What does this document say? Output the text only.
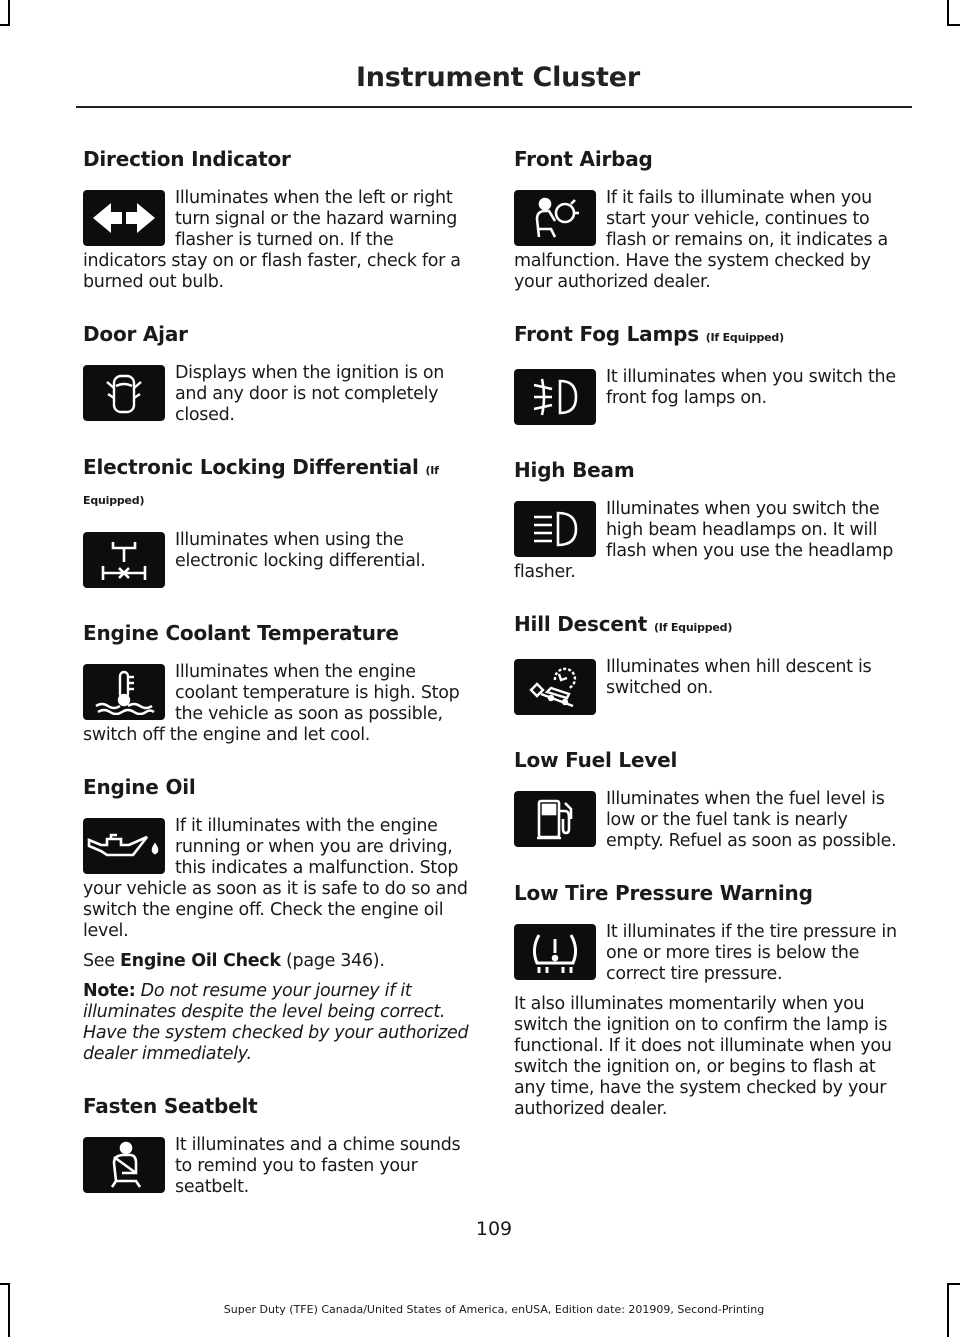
Instrument Cluster
Direction Indicator

Illuminates when the left or right turn signal or the hazard warning flasher is turned on. If the indicators stay on or flash faster, check for a burned out bulb.

Door Ajar

Displays when the ignition is on and any door is not completely closed.

Electronic Locking Differential (If Equipped)

Illuminates when using the electronic locking differential.

Engine Coolant Temperature

Illuminates when the engine coolant temperature is high. Stop the vehicle as soon as possible, switch off the engine and let cool.

Engine Oil

If it illuminates with the engine running or when you are driving, this indicates a malfunction. Stop your vehicle as soon as it is safe to do so and switch the engine off. Check the engine oil level.

See Engine Oil Check (page 346).

Note: Do not resume your journey if it illuminates despite the level being correct. Have the system checked by your authorized dealer immediately.

Fasten Seatbelt

It illuminates and a chime sounds to remind you to fasten your seatbelt.

Front Airbag

If it fails to illuminate when you start your vehicle, continues to flash or remains on, it indicates a malfunction. Have the system checked by your authorized dealer.

Front Fog Lamps (If Equipped)

It illuminates when you switch the front fog lamps on.

High Beam

Illuminates when you switch the high beam headlamps on. It will flash when you use the headlamp flasher.

Hill Descent (If Equipped)

Illuminates when hill descent is switched on.

Low Fuel Level

Illuminates when the fuel level is low or the fuel tank is nearly empty. Refuel as soon as possible.

Low Tire Pressure Warning

It illuminates if the tire pressure in one or more tires is below the correct tire pressure.

It also illuminates momentarily when you switch the ignition on to confirm the lamp is functional. If it does not illuminate when you switch the ignition on, or begins to flash at any time, have the system checked by your authorized dealer.

109
Super Duty (TFE) Canada/United States of America, enUSA, Edition date: 201909, Second-Printing
